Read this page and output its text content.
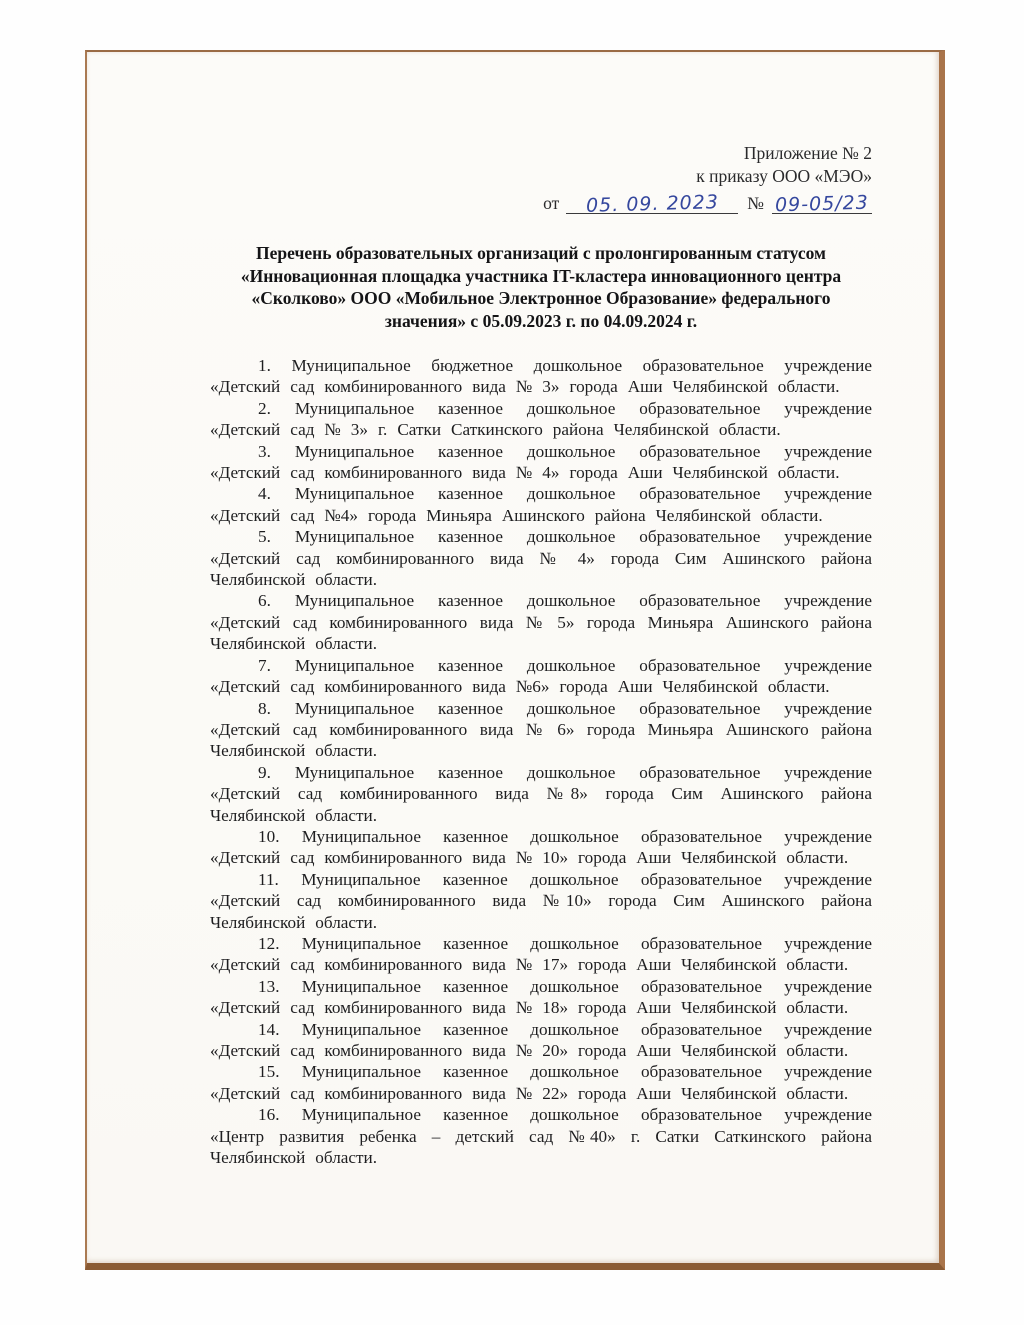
Приложение № 2
к приказу ООО «МЭО»
от 05. 09. 2023 № 09-05/23
Перечень образовательных организаций с пролонгированным статусом «Инновационная площадка участника IT-кластера инновационного центра «Сколково» ООО «Мобильное Электронное Образование» федерального значения» с 05.09.2023 г. по 04.09.2024 г.

1. Муниципальное бюджетное дошкольное образовательное учреждение «Детский сад комбинированного вида № 3» города Аши Челябинской области.

2. Муниципальное казенное дошкольное образовательное учреждение «Детский сад № 3» г. Сатки Саткинского района Челябинской области.

3. Муниципальное казенное дошкольное образовательное учреждение «Детский сад комбинированного вида № 4» города Аши Челябинской области.

4. Муниципальное казенное дошкольное образовательное учреждение «Детский сад №4» города Миньяра Ашинского района Челябинской области.

5. Муниципальное казенное дошкольное образовательное учреждение «Детский сад комбинированного вида № 4» города Сим Ашинского района Челябинской области.

6. Муниципальное казенное дошкольное образовательное учреждение «Детский сад комбинированного вида № 5» города Миньяра Ашинского района Челябинской области.

7. Муниципальное казенное дошкольное образовательное учреждение «Детский сад комбинированного вида №6» города Аши Челябинской области.

8. Муниципальное казенное дошкольное образовательное учреждение «Детский сад комбинированного вида № 6» города Миньяра Ашинского района Челябинской области.

9. Муниципальное казенное дошкольное образовательное учреждение «Детский сад комбинированного вида №8» города Сим Ашинского района Челябинской области.

10. Муниципальное казенное дошкольное образовательное учреждение «Детский сад комбинированного вида № 10» города Аши Челябинской области.

11. Муниципальное казенное дошкольное образовательное учреждение «Детский сад комбинированного вида №10» города Сим Ашинского района Челябинской области.

12. Муниципальное казенное дошкольное образовательное учреждение «Детский сад комбинированного вида № 17» города Аши Челябинской области.

13. Муниципальное казенное дошкольное образовательное учреждение «Детский сад комбинированного вида № 18» города Аши Челябинской области.

14. Муниципальное казенное дошкольное образовательное учреждение «Детский сад комбинированного вида № 20» города Аши Челябинской области.

15. Муниципальное казенное дошкольное образовательное учреждение «Детский сад комбинированного вида № 22» города Аши Челябинской области.

16. Муниципальное казенное дошкольное образовательное учреждение «Центр развития ребенка – детский сад №40» г. Сатки Саткинского района Челябинской области.
